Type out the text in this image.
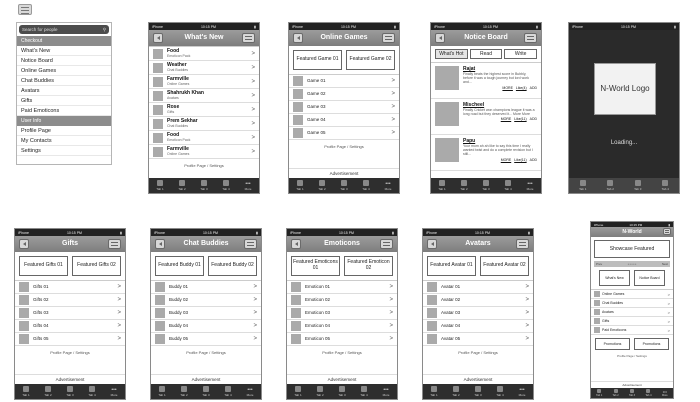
Search for people	⚲
Checkout
What's New
Notice Board
Online Games
Chat Buddies
Avatars
Gifts
Paid Emoticons
User Info
Profile Page
My Contacts
Settings
iPhone	10:15 PM	▮
What's New
Food
Emoticon Pack	>
Weather
Chat Buddies	>
Farmville
Online Games	>
Shahrukh Khan
Avatars	>
Rose
Gifts	>
Prem Sekhar
Chat Buddies	>
Food
Emoticon Pack	>
Farmville
Online Games	>
Profile Page / Settings
Tab 1	Tab 2	Tab 3	Tab 4
•••
More
iPhone	10:15 PM	▮
Online Games
Featured Game 01	Featured Game 02
Game 01	>
Game 02	>
Game 03	>
Game 04	>
Game 05	>
Profile Page / Settings
Advertisement
Tab 1	Tab 2	Tab 3	Tab 4
•••
More
iPhone	10:15 PM	▮
Notice Board
What's Hot	Read	Write
Rajat
Finally beats the highest score in Bubbly, before it was a tough journey but lord work and...
MORE Like(4) ADD
Mischeel
Finally Cricket won champions league it was a long road but they deserved it... More More
MORE Like(11) ADD
Papu
Your mom ah ah like to say this time I really wanted twist and do a complete revision but I still...
MORE Like(11) ADD
Tab 1	Tab 2	Tab 3	Tab 4
•••
More
iPhone	10:15 PM	▮
N-World Logo
Loading...
Tab 1	Tab 2	Tab 3	Tab 4
iPhone	10:15 PM	▮
Gifts
Featured Gifts 01	Featured Gifts 02
Gifts 01	>
Gifts 02	>
Gifts 03	>
Gifts 04	>
Gifts 05	>
Profile Page / Settings
Advertisement
Tab 1	Tab 2	Tab 3	Tab 4
•••
More
iPhone	10:15 PM	▮
Chat Buddies
Featured Buddy 01	Featured Buddy 02
Buddy 01	>
Buddy 02	>
Buddy 03	>
Buddy 04	>
Buddy 05	>
Profile Page / Settings
Advertisement
Tab 1	Tab 2	Tab 3	Tab 4
•••
More
iPhone	10:15 PM	▮
Emoticons
Featured Emoticons 01
Featured Emoticon 02
Emoticon 01	>
Emoticon 02	>
Emoticon 03	>
Emoticon 04	>
Emoticon 05	>
Profile Page / Settings
Advertisement
Tab 1	Tab 2	Tab 3	Tab 4
•••
More
iPhone	10:15 PM	▮
Avatars
Featured Avatar 01	Featured Avatar 02
Avatar 01	>
Avatar 02	>
Avatar 03	>
Avatar 04	>
Avatar 05	>
Profile Page / Settings
Advertisement
Tab 1	Tab 2	Tab 3	Tab 4
•••
More
iPhone	10:15 PM	▮
N-World
Showcase Featured
Prev	• • • • •	Next
What's New	Notice Board
Online Games	>
Chat Buddies	>
Avatars	>
Gifts	>
Paid Emoticons	>
Promotions	Promotions
Profile Page / Settings
Advertisement
Tab 1	Tab 2	Tab 3	Tab 4
•••
More
